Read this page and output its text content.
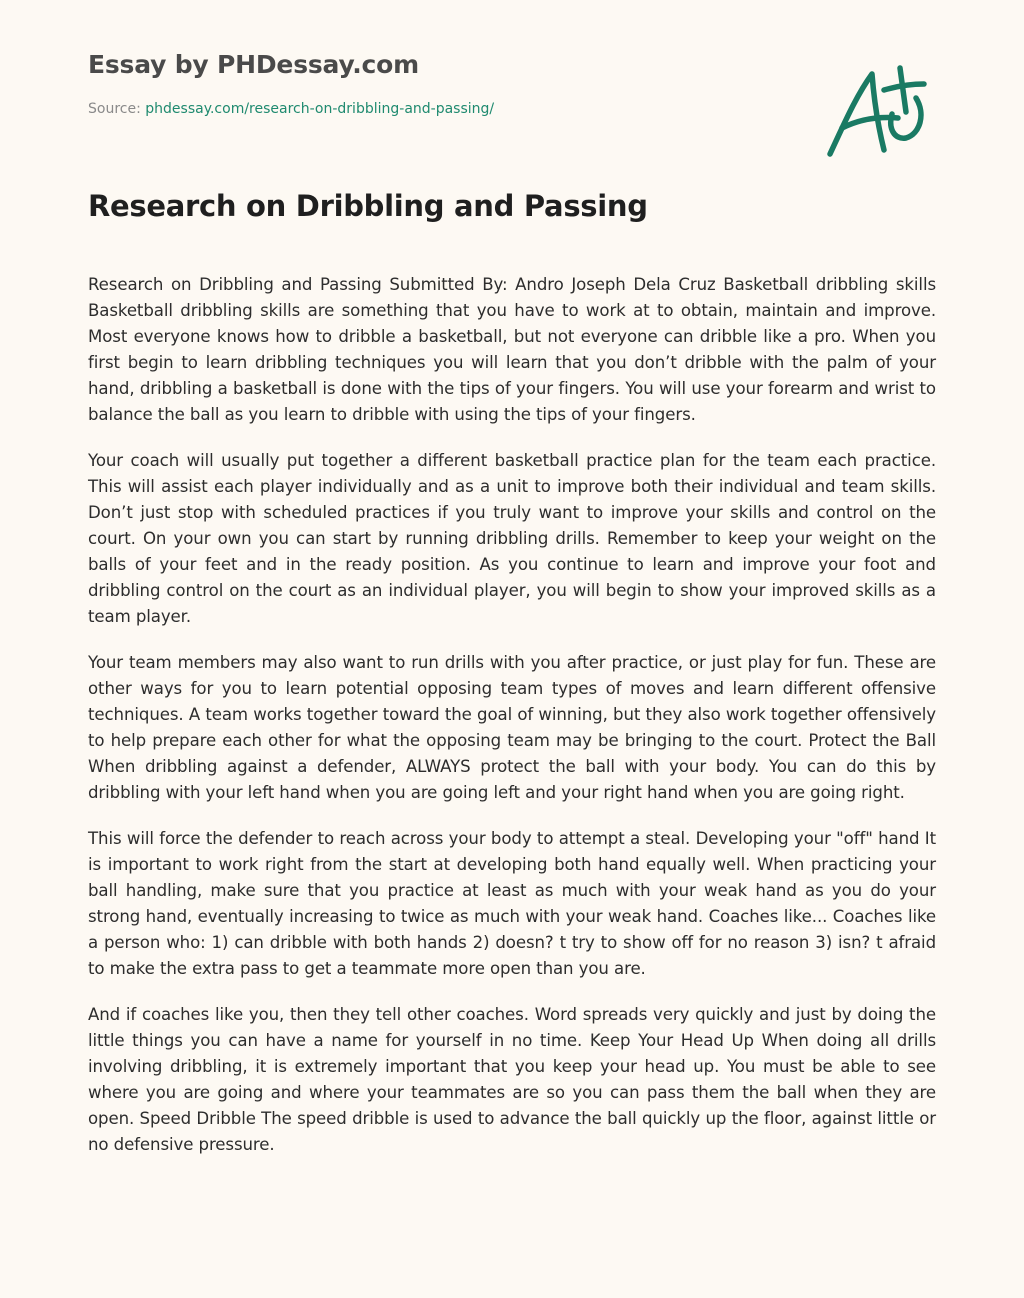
Essay by PHDessay.com

Source: phdessay.com/research-on-dribbling-and-passing/

Research on Dribbling and Passing

Research on Dribbling and Passing Submitted By: Andro Joseph Dela Cruz Basketball dribbling skills Basketball dribbling skills are something that you have to work at to obtain, maintain and improve. Most everyone knows how to dribble a basketball, but not everyone can dribble like a pro. When you first begin to learn dribbling techniques you will learn that you don’t dribble with the palm of your hand, dribbling a basketball is done with the tips of your fingers. You will use your forearm and wrist to balance the ball as you learn to dribble with using the tips of your fingers.

Your coach will usually put together a different basketball practice plan for the team each practice. This will assist each player individually and as a unit to improve both their individual and team skills. Don’t just stop with scheduled practices if you truly want to improve your skills and control on the court. On your own you can start by running dribbling drills. Remember to keep your weight on the balls of your feet and in the ready position. As you continue to learn and improve your foot and dribbling control on the court as an individual player, you will begin to show your improved skills as a team player.

Your team members may also want to run drills with you after practice, or just play for fun. These are other ways for you to learn potential opposing team types of moves and learn different offensive techniques. A team works together toward the goal of winning, but they also work together offensively to help prepare each other for what the opposing team may be bringing to the court. Protect the Ball When dribbling against a defender, ALWAYS protect the ball with your body. You can do this by dribbling with your left hand when you are going left and your right hand when you are going right.

This will force the defender to reach across your body to attempt a steal. Developing your "off" hand It is important to work right from the start at developing both hand equally well. When practicing your ball handling, make sure that you practice at least as much with your weak hand as you do your strong hand, eventually increasing to twice as much with your weak hand. Coaches like... Coaches like a person who: 1) can dribble with both hands 2) doesn? t try to show off for no reason 3) isn? t afraid to make the extra pass to get a teammate more open than you are.

And if coaches like you, then they tell other coaches. Word spreads very quickly and just by doing the little things you can have a name for yourself in no time. Keep Your Head Up When doing all drills involving dribbling, it is extremely important that you keep your head up. You must be able to see where you are going and where your teammates are so you can pass them the ball when they are open. Speed Dribble The speed dribble is used to advance the ball quickly up the floor, against little or no defensive pressure.
